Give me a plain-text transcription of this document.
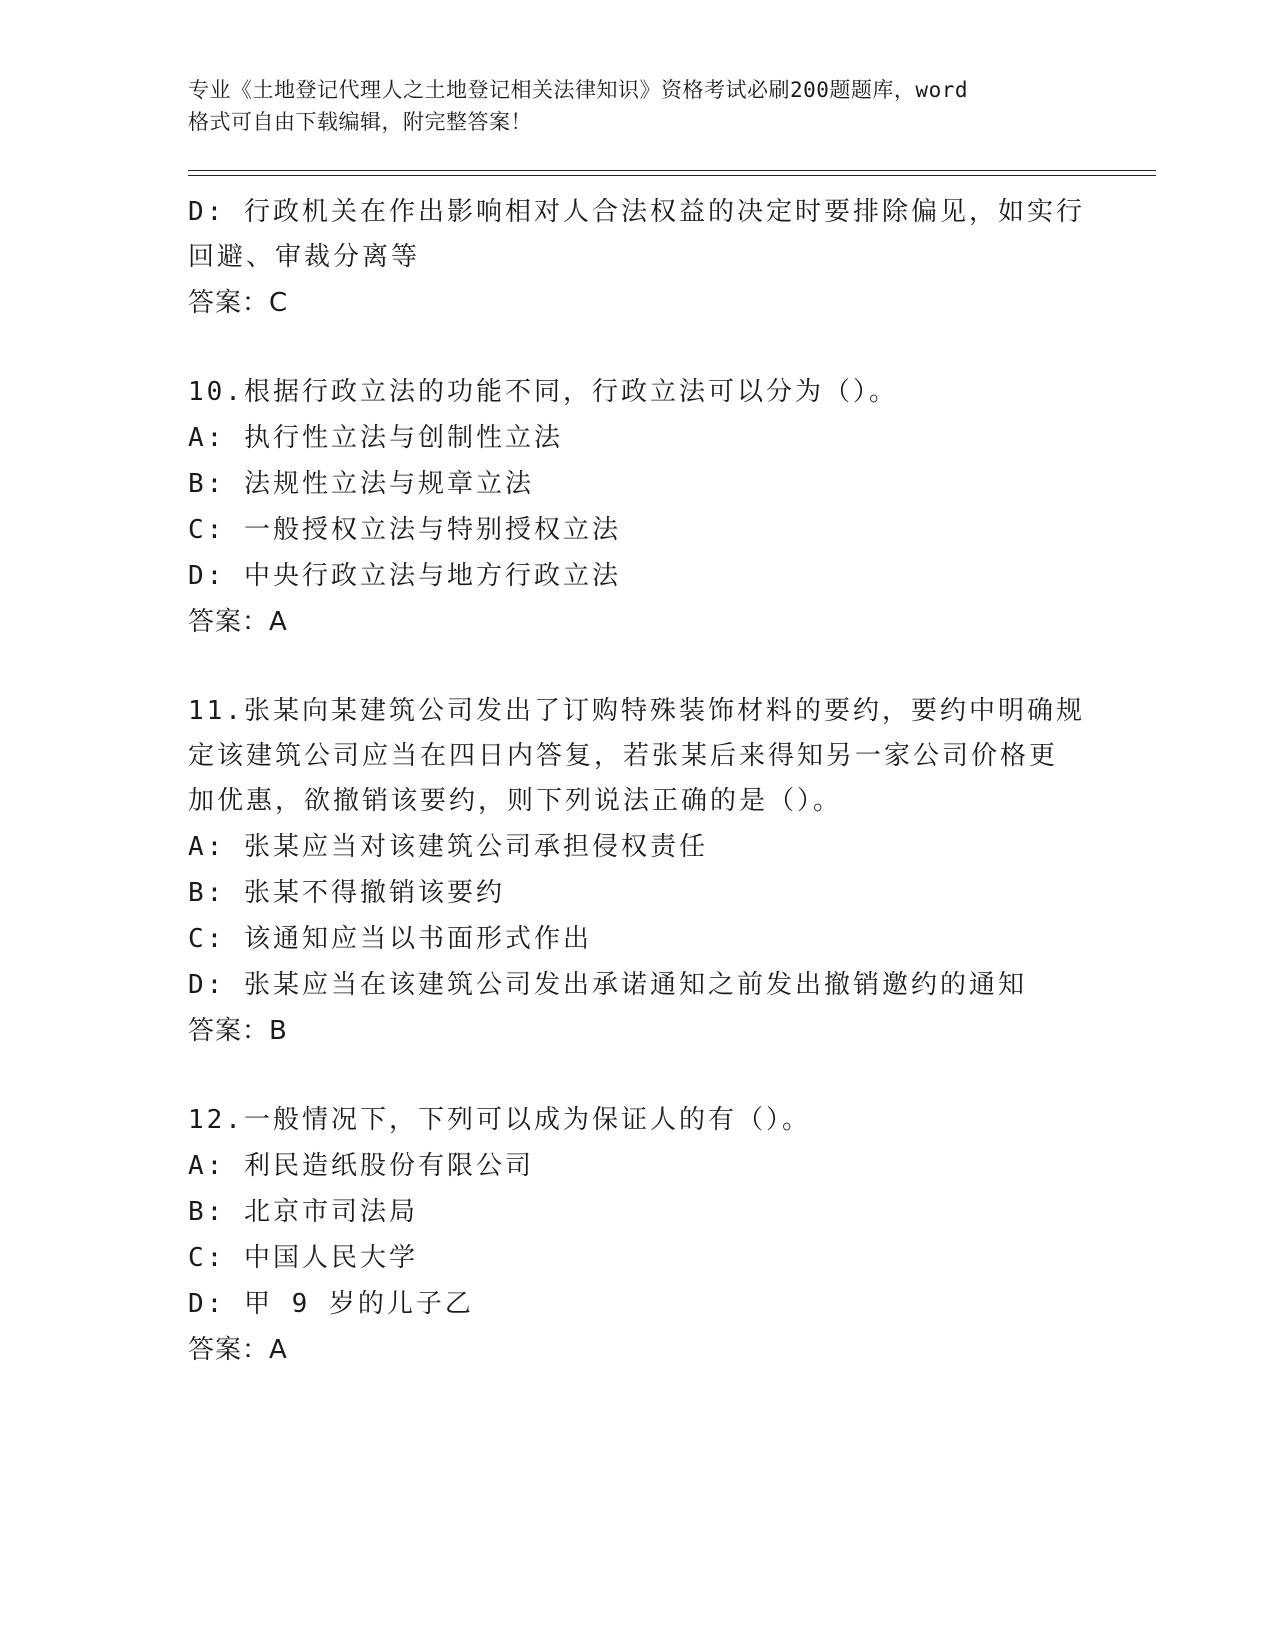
专业《土地登记代理人之土地登记相关法律知识》资格考试必刷200题题库，word
格式可自由下载编辑，附完整答案！
D: 行政机关在作出影响相对人合法权益的决定时要排除偏见，如实行
回避、审裁分离等
答案：C
10.根据行政立法的功能不同，行政立法可以分为（）。
A: 执行性立法与创制性立法
B: 法规性立法与规章立法
C: 一般授权立法与特别授权立法
D: 中央行政立法与地方行政立法
答案：A
11.张某向某建筑公司发出了订购特殊装饰材料的要约，要约中明确规
定该建筑公司应当在四日内答复，若张某后来得知另一家公司价格更
加优惠，欲撤销该要约，则下列说法正确的是（）。
A: 张某应当对该建筑公司承担侵权责任
B: 张某不得撤销该要约
C: 该通知应当以书面形式作出
D: 张某应当在该建筑公司发出承诺通知之前发出撤销邀约的通知
答案：B
12.一般情况下，下列可以成为保证人的有（）。
A: 利民造纸股份有限公司
B: 北京市司法局
C: 中国人民大学
D: 甲 9 岁的儿子乙
答案：A
